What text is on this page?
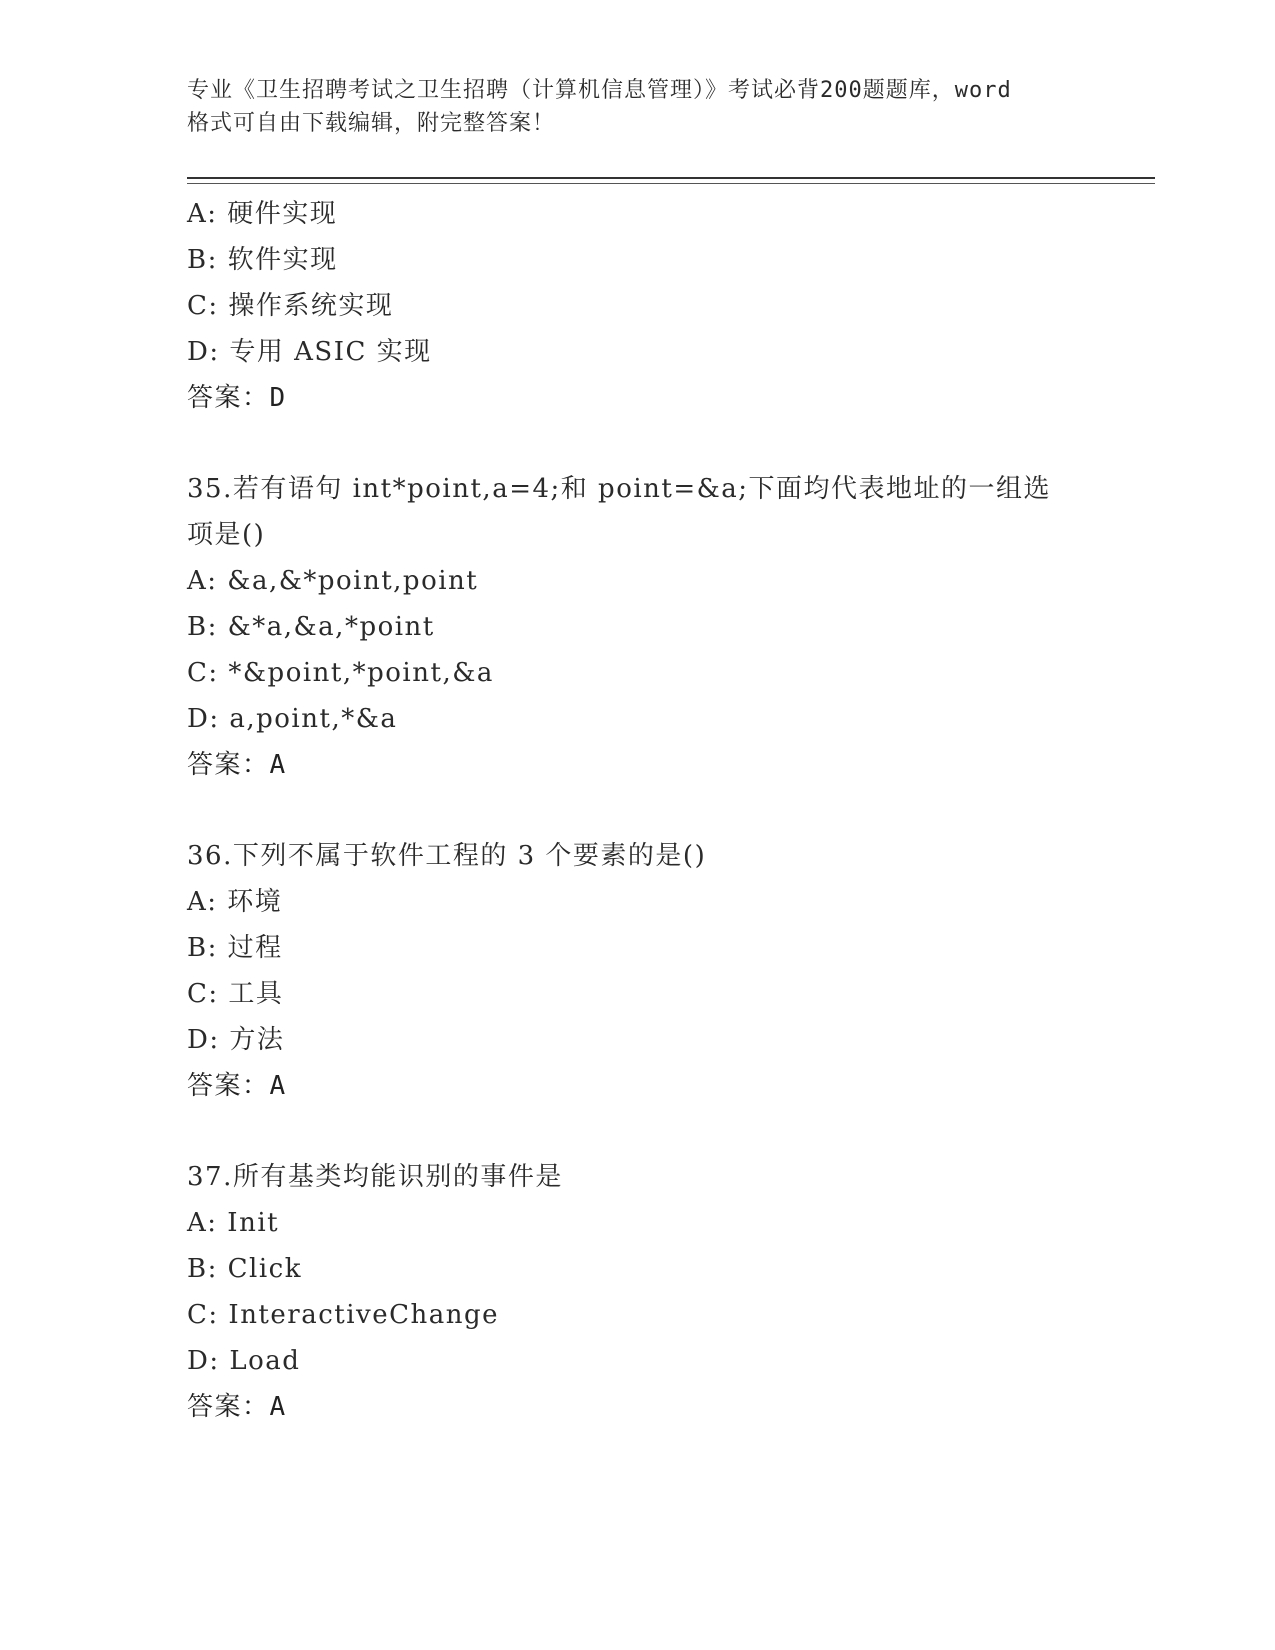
专业《卫生招聘考试之卫生招聘（计算机信息管理）》考试必背200题题库，word
格式可自由下载编辑，附完整答案！
A: 硬件实现
B: 软件实现
C: 操作系统实现
D: 专用 ASIC 实现
答案：D
35.若有语句 int*point,a=4;和 point=&a;下面均代表地址的一组选项是()
A: &a,&*point,point
B: &*a,&a,*point
C: *&point,*point,&a
D: a,point,*&a
答案：A
36.下列不属于软件工程的 3 个要素的是()
A: 环境
B: 过程
C: 工具
D: 方法
答案：A
37.所有基类均能识别的事件是
A: Init
B: Click
C: InteractiveChange
D: Load
答案：A
